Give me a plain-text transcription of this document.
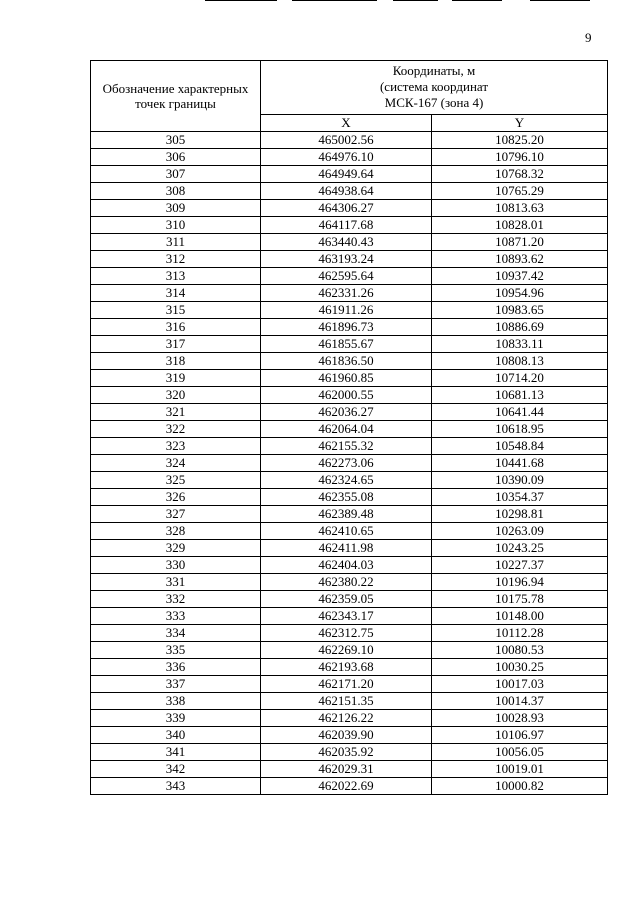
9
Обозначение характерных точек границы	Координаты, м
(система координат
МСК-167 (зона 4)	

	X	Y
305	465002.56	10825.20
306	464976.10	10796.10
307	464949.64	10768.32
308	464938.64	10765.29
309	464306.27	10813.63
310	464117.68	10828.01
311	463440.43	10871.20
312	463193.24	10893.62
313	462595.64	10937.42
314	462331.26	10954.96
315	461911.26	10983.65
316	461896.73	10886.69
317	461855.67	10833.11
318	461836.50	10808.13
319	461960.85	10714.20
320	462000.55	10681.13
321	462036.27	10641.44
322	462064.04	10618.95
323	462155.32	10548.84
324	462273.06	10441.68
325	462324.65	10390.09
326	462355.08	10354.37
327	462389.48	10298.81
328	462410.65	10263.09
329	462411.98	10243.25
330	462404.03	10227.37
331	462380.22	10196.94
332	462359.05	10175.78
333	462343.17	10148.00
334	462312.75	10112.28
335	462269.10	10080.53
336	462193.68	10030.25
337	462171.20	10017.03
338	462151.35	10014.37
339	462126.22	10028.93
340	462039.90	10106.97
341	462035.92	10056.05
342	462029.31	10019.01
343	462022.69	10000.82
